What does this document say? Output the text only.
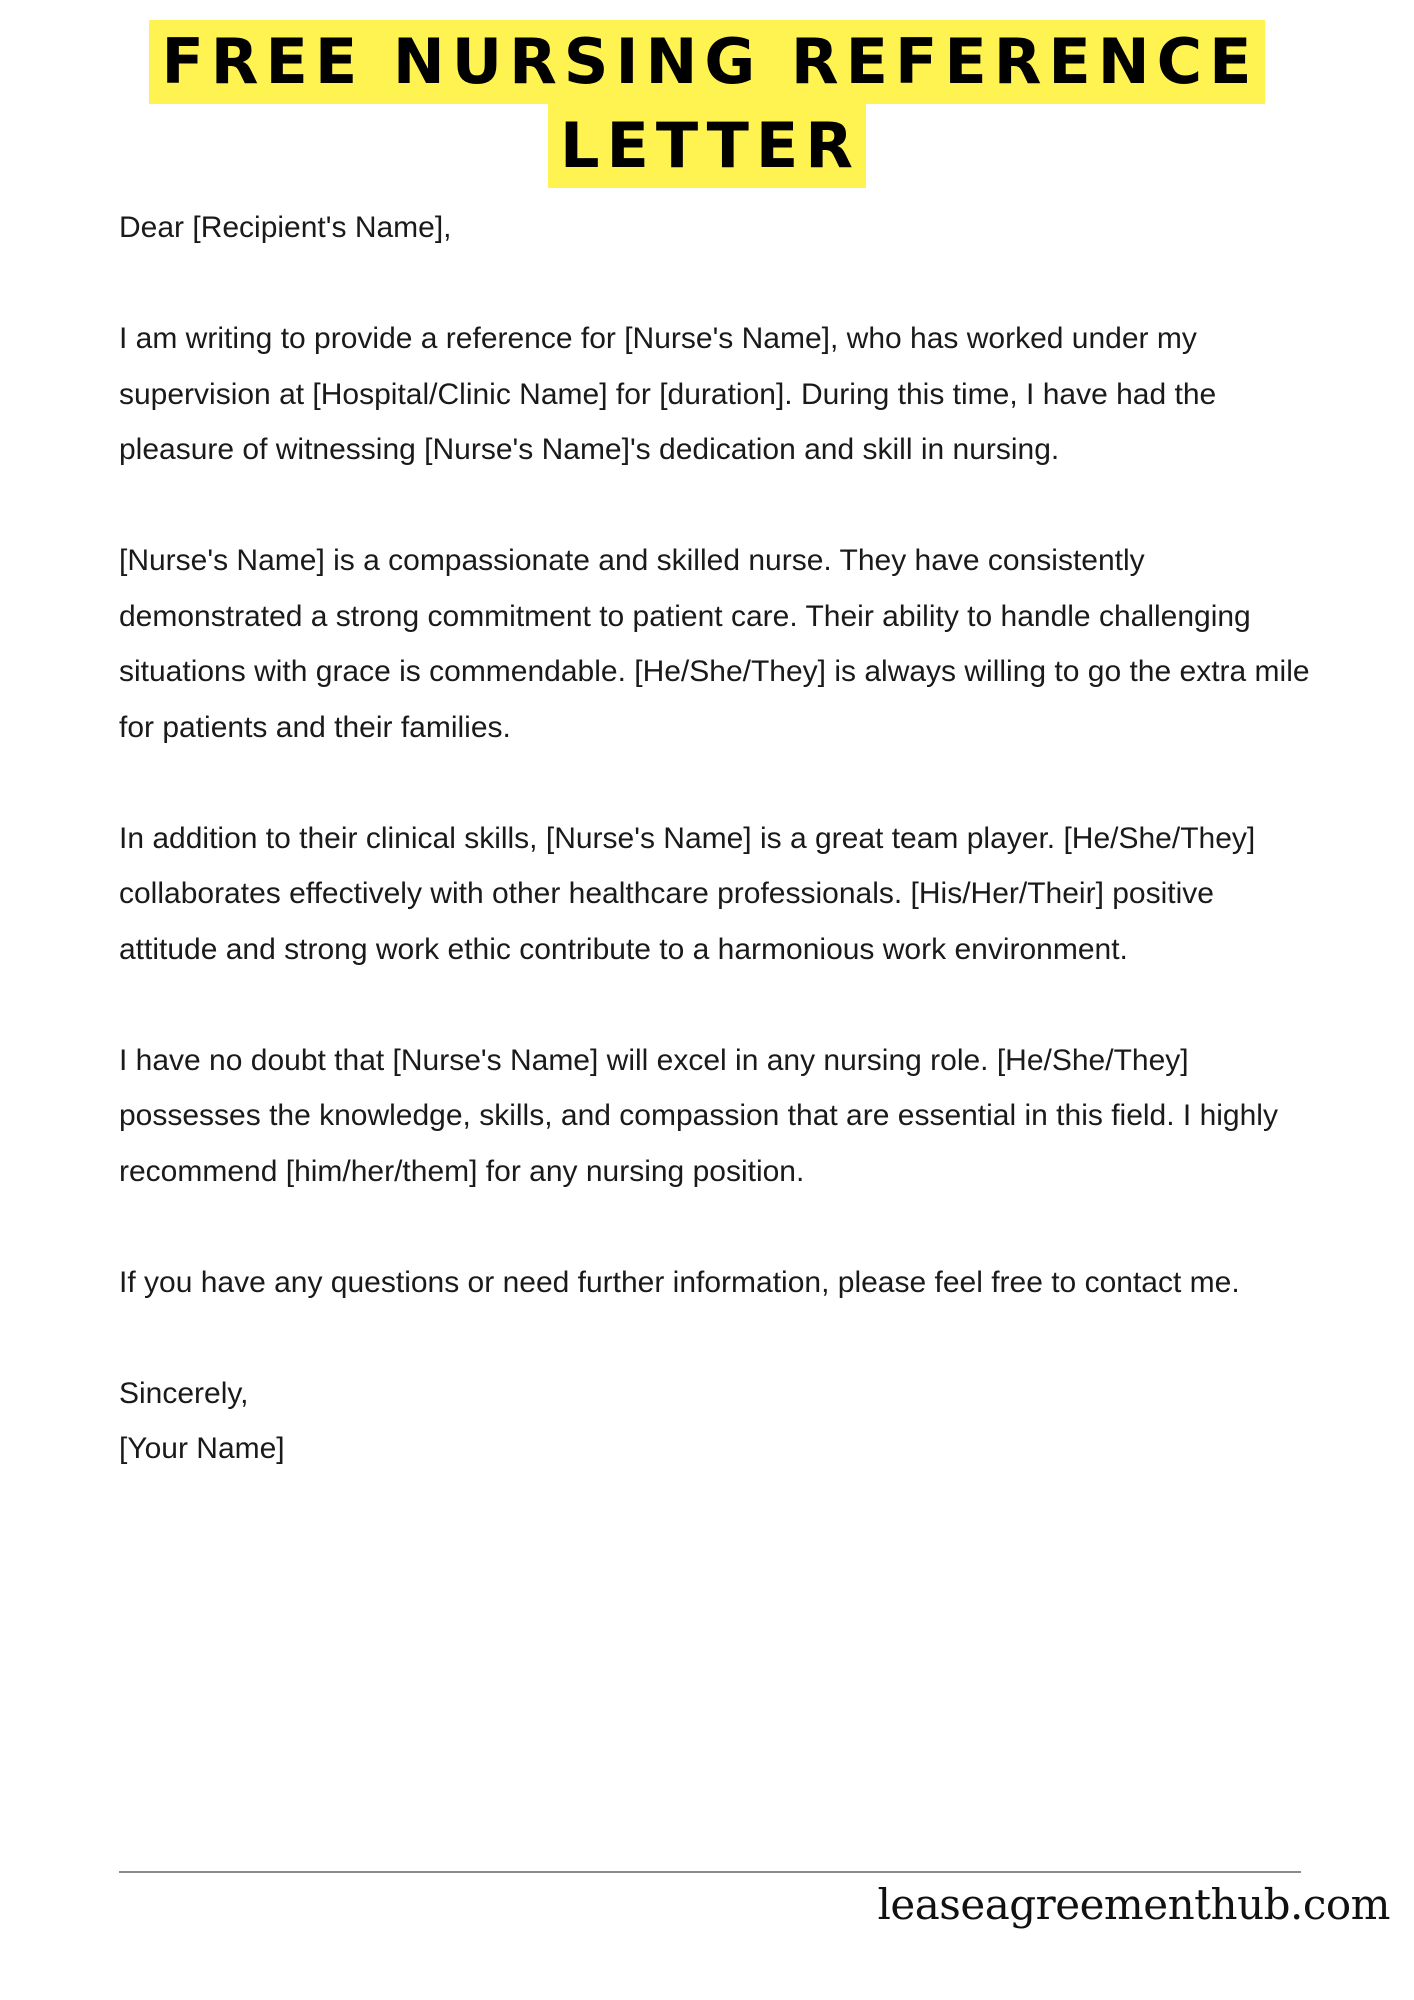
FREE NURSING REFERENCE
LETTER

Dear [Recipient's Name],

I am writing to provide a reference for [Nurse's Name], who has worked under my supervision at [Hospital/Clinic Name] for [duration]. During this time, I have had the pleasure of witnessing [Nurse's Name]'s dedication and skill in nursing.

[Nurse's Name] is a compassionate and skilled nurse. They have consistently demonstrated a strong commitment to patient care. Their ability to handle challenging situations with grace is commendable. [He/She/They] is always willing to go the extra mile for patients and their families.

In addition to their clinical skills, [Nurse's Name] is a great team player. [He/She/They] collaborates effectively with other healthcare professionals. [His/Her/Their] positive attitude and strong work ethic contribute to a harmonious work environment.

I have no doubt that [Nurse's Name] will excel in any nursing role. [He/She/They] possesses the knowledge, skills, and compassion that are essential in this field. I highly recommend [him/her/them] for any nursing position.

If you have any questions or need further information, please feel free to contact me.

Sincerely,

[Your Name]

leaseagreementhub.com
